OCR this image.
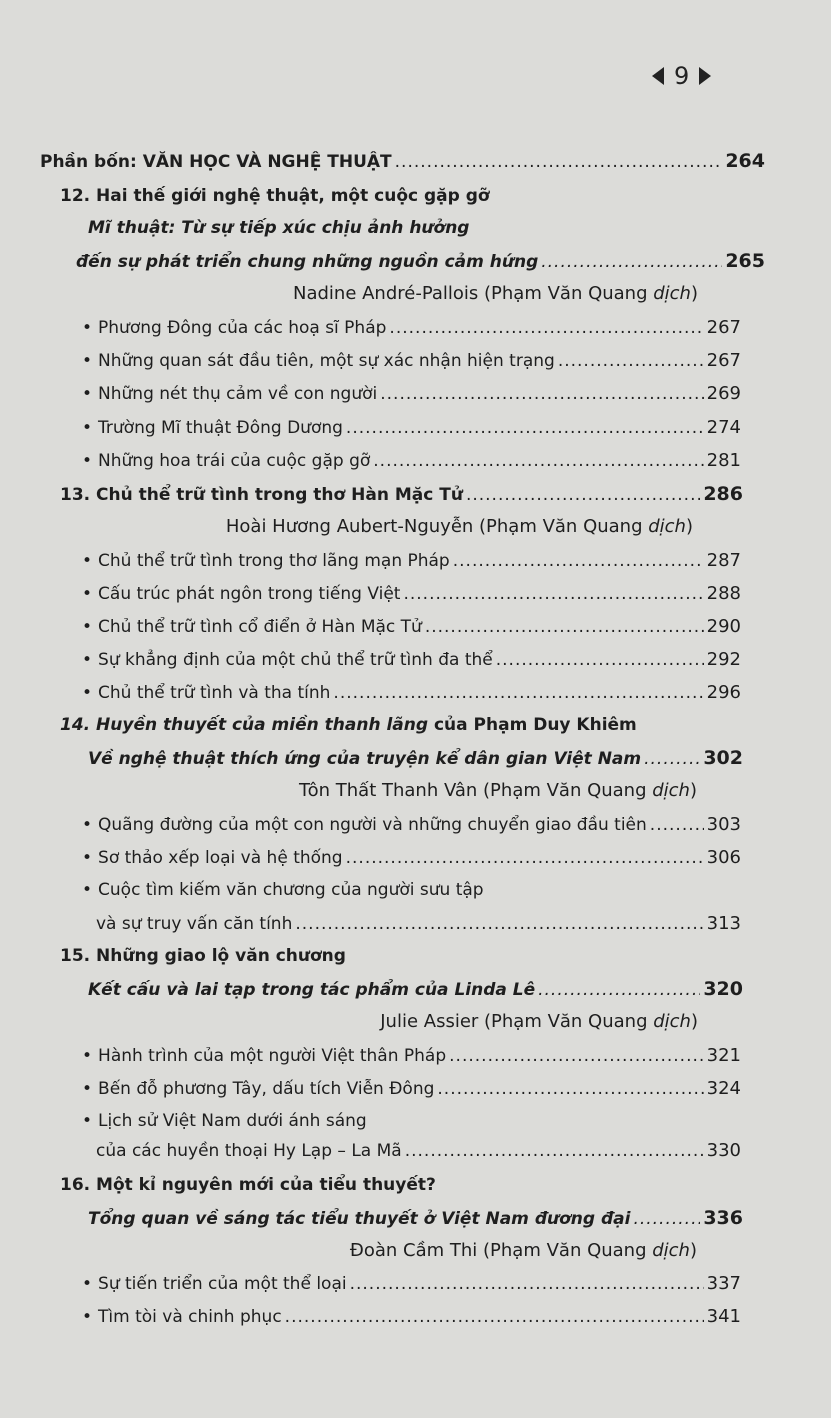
9
Phần bốn: VĂN HỌC VÀ NGHỆ THUẬT .....	264
12. Hai thế giới nghệ thuật, một cuộc gặp gỡ
Mĩ thuật: Từ sự tiếp xúc chịu ảnh hưởng
đến sự phát triển chung những nguồn cảm hứng .....	265
Nadine André-Pallois (Phạm Văn Quang dịch)
• Phương Đông của các hoạ sĩ Pháp .....	267
• Những quan sát đầu tiên, một sự xác nhận hiện trạng .....	267
• Những nét thụ cảm về con người .....	269
• Trường Mĩ thuật Đông Dương .....	274
• Những hoa trái của cuộc gặp gỡ .....	281
13. Chủ thể trữ tình trong thơ Hàn Mặc Tử .....	286
Hoài Hương Aubert-Nguyễn (Phạm Văn Quang dịch)
• Chủ thể trữ tình trong thơ lãng mạn Pháp .....	287
• Cấu trúc phát ngôn trong tiếng Việt .....	288
• Chủ thể trữ tình cổ điển ở Hàn Mặc Tử .....	290
• Sự khẳng định của một chủ thể trữ tình đa thể .....	292
• Chủ thể trữ tình và tha tính .....	296
14. Huyền thuyết của miền thanh lãng của Phạm Duy Khiêm
Về nghệ thuật thích ứng của truyện kể dân gian Việt Nam .....	302
Tôn Thất Thanh Vân (Phạm Văn Quang dịch)
• Quãng đường của một con người và những chuyển giao đầu tiên .....	303
• Sơ thảo xếp loại và hệ thống .....	306
• Cuộc tìm kiếm văn chương của người sưu tập
và sự truy vấn căn tính .....	313
15. Những giao lộ văn chương
Kết cấu và lai tạp trong tác phẩm của Linda Lê .....	320
Julie Assier (Phạm Văn Quang dịch)
• Hành trình của một người Việt thân Pháp .....	321
• Bến đỗ phương Tây, dấu tích Viễn Đông .....	324
• Lịch sử Việt Nam dưới ánh sáng
của các huyền thoại Hy Lạp – La Mã .....	330
16. Một kỉ nguyên mới của tiểu thuyết?
Tổng quan về sáng tác tiểu thuyết ở Việt Nam đương đại .....	336
Đoàn Cầm Thi (Phạm Văn Quang dịch)
• Sự tiến triển của một thể loại .....	337
• Tìm tòi và chinh phục .....	341
